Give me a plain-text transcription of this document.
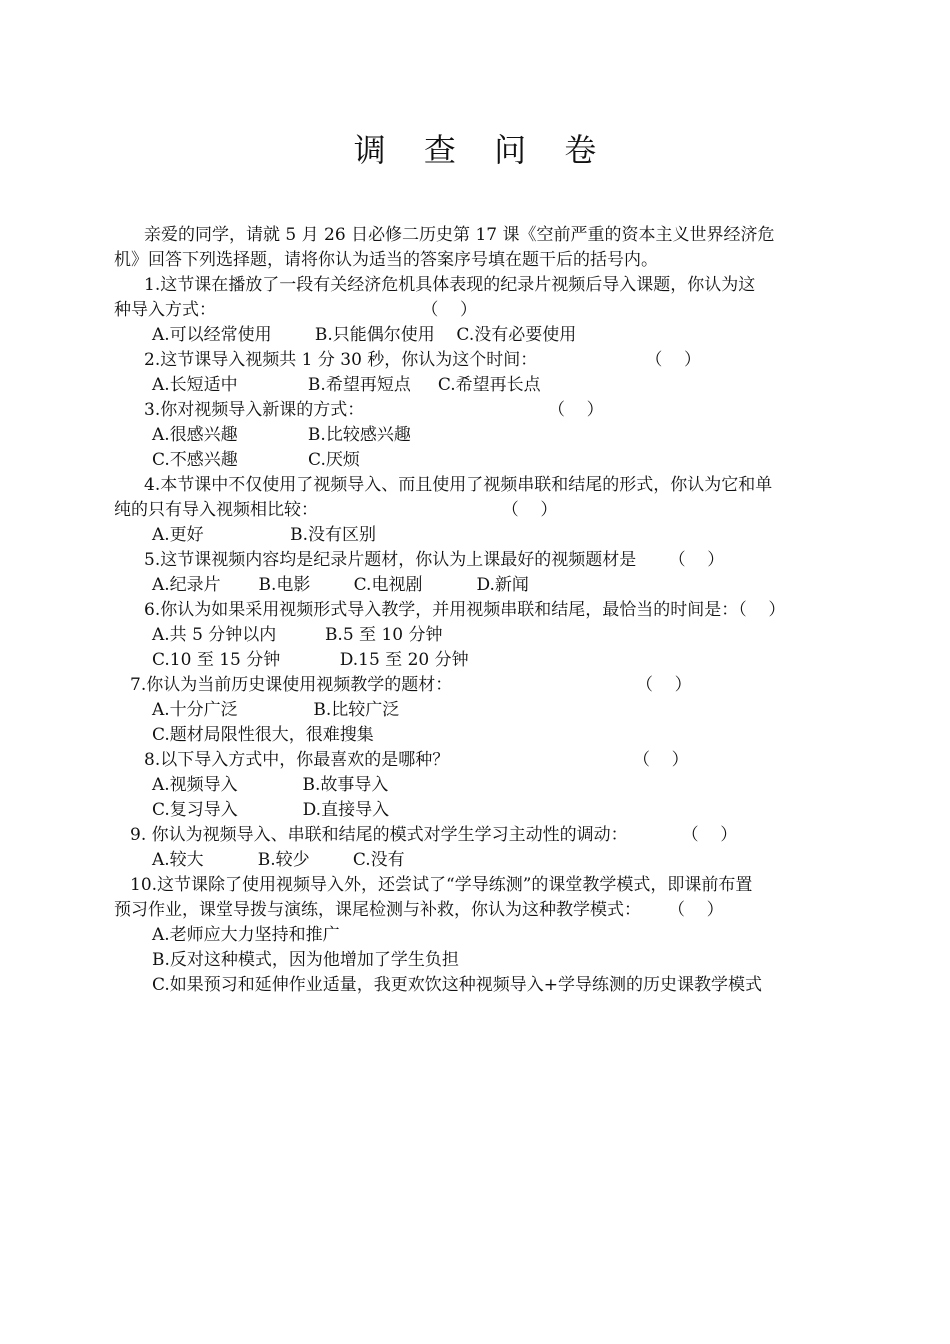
调 查 问 卷
亲爱的同学，请就 5 月 26 日必修二历史第 17 课《空前严重的资本主义世界经济危
机》回答下列选择题，请将你认为适当的答案序号填在题干后的括号内。
1.这节课在播放了一段有关经济危机具体表现的纪录片视频后导入课题，你认为这
种导入方式：                                      （    ）
A.可以经常使用        B.只能偶尔使用    C.没有必要使用
2.这节课导入视频共 1 分 30 秒，你认为这个时间：                    （    ）
A.长短适中             B.希望再短点     C.希望再长点
3.你对视频导入新课的方式：                                  （    ）
A.很感兴趣             B.比较感兴趣
C.不感兴趣             C.厌烦
4.本节课中不仅使用了视频导入、而且使用了视频串联和结尾的形式，你认为它和单
纯的只有导入视频相比较：                                  （    ）
A.更好                B.没有区别
5.这节课视频内容均是纪录片题材，你认为上课最好的视频题材是      （    ）
A.纪录片       B.电影        C.电视剧          D.新闻
6.你认为如果采用视频形式导入教学，并用视频串联和结尾，最恰当的时间是：（    ）
A.共 5 分钟以内         B.5 至 10 分钟
C.10 至 15 分钟           D.15 至 20 分钟
7.你认为当前历史课使用视频教学的题材：                                  （    ）
A.十分广泛              B.比较广泛
C.题材局限性很大，很难搜集
8.以下导入方式中，你最喜欢的是哪种？                                  （    ）
A.视频导入            B.故事导入
C.复习导入            D.直接导入
9. 你认为视频导入、串联和结尾的模式对学生学习主动性的调动：          （    ）
A.较大          B.较少        C.没有
10.这节课除了使用视频导入外，还尝试了“学导练测”的课堂教学模式，即课前布置
预习作业，课堂导拨与演练，课尾检测与补救，你认为这种教学模式：     （    ）
A.老师应大力坚持和推广
B.反对这种模式，因为他增加了学生负担
C.如果预习和延伸作业适量，我更欢饮这种视频导入+学导练测的历史课教学模式
